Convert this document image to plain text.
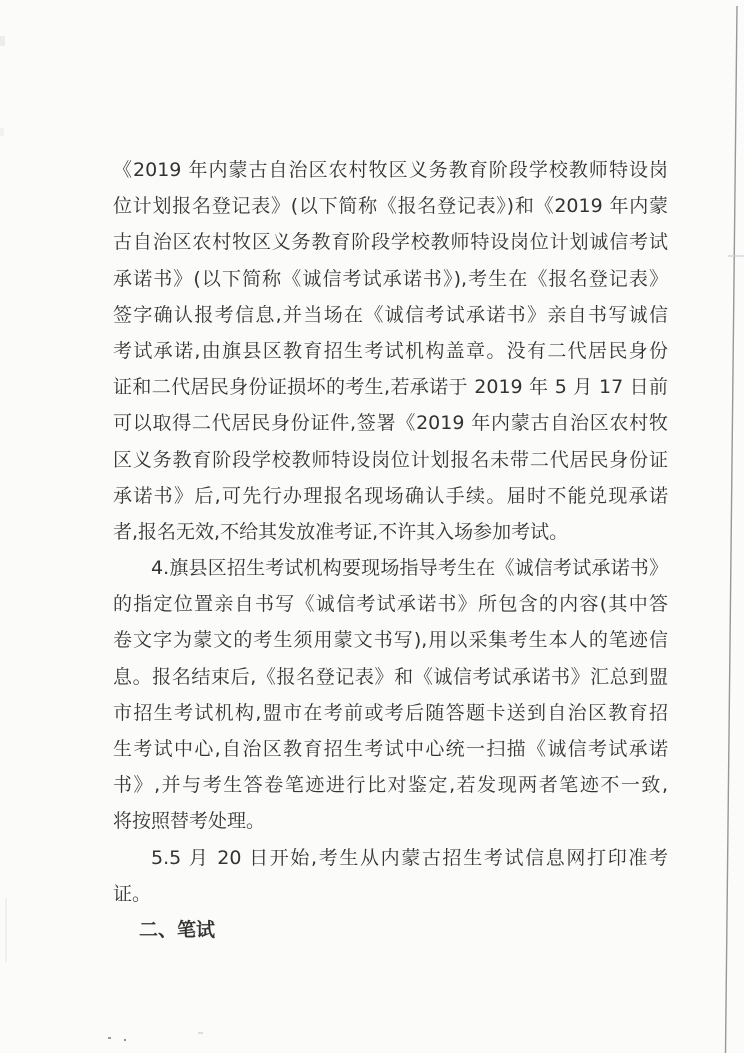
《2019 年内蒙古自治区农村牧区义务教育阶段学校教师特设岗
位计划报名登记表》(以下简称《报名登记表》)和《2019 年内蒙
古自治区农村牧区义务教育阶段学校教师特设岗位计划诚信考试
承诺书》(以下简称《诚信考试承诺书》),考生在《报名登记表》
签字确认报考信息,并当场在《诚信考试承诺书》亲自书写诚信
考试承诺,由旗县区教育招生考试机构盖章。没有二代居民身份
证和二代居民身份证损坏的考生,若承诺于 2019 年 5 月 17 日前
可以取得二代居民身份证件,签署《2019 年内蒙古自治区农村牧
区义务教育阶段学校教师特设岗位计划报名未带二代居民身份证
承诺书》后,可先行办理报名现场确认手续。届时不能兑现承诺
者,报名无效,不给其发放准考证,不许其入场参加考试。
4.旗县区招生考试机构要现场指导考生在《诚信考试承诺书》
的指定位置亲自书写《诚信考试承诺书》所包含的内容(其中答
卷文字为蒙文的考生须用蒙文书写),用以采集考生本人的笔迹信
息。报名结束后,《报名登记表》和《诚信考试承诺书》汇总到盟
市招生考试机构,盟市在考前或考后随答题卡送到自治区教育招
生考试中心,自治区教育招生考试中心统一扫描《诚信考试承诺
书》,并与考生答卷笔迹进行比对鉴定,若发现两者笔迹不一致,
将按照替考处理。
5.5 月 20 日开始,考生从内蒙古招生考试信息网打印准考
证。
二、笔试
